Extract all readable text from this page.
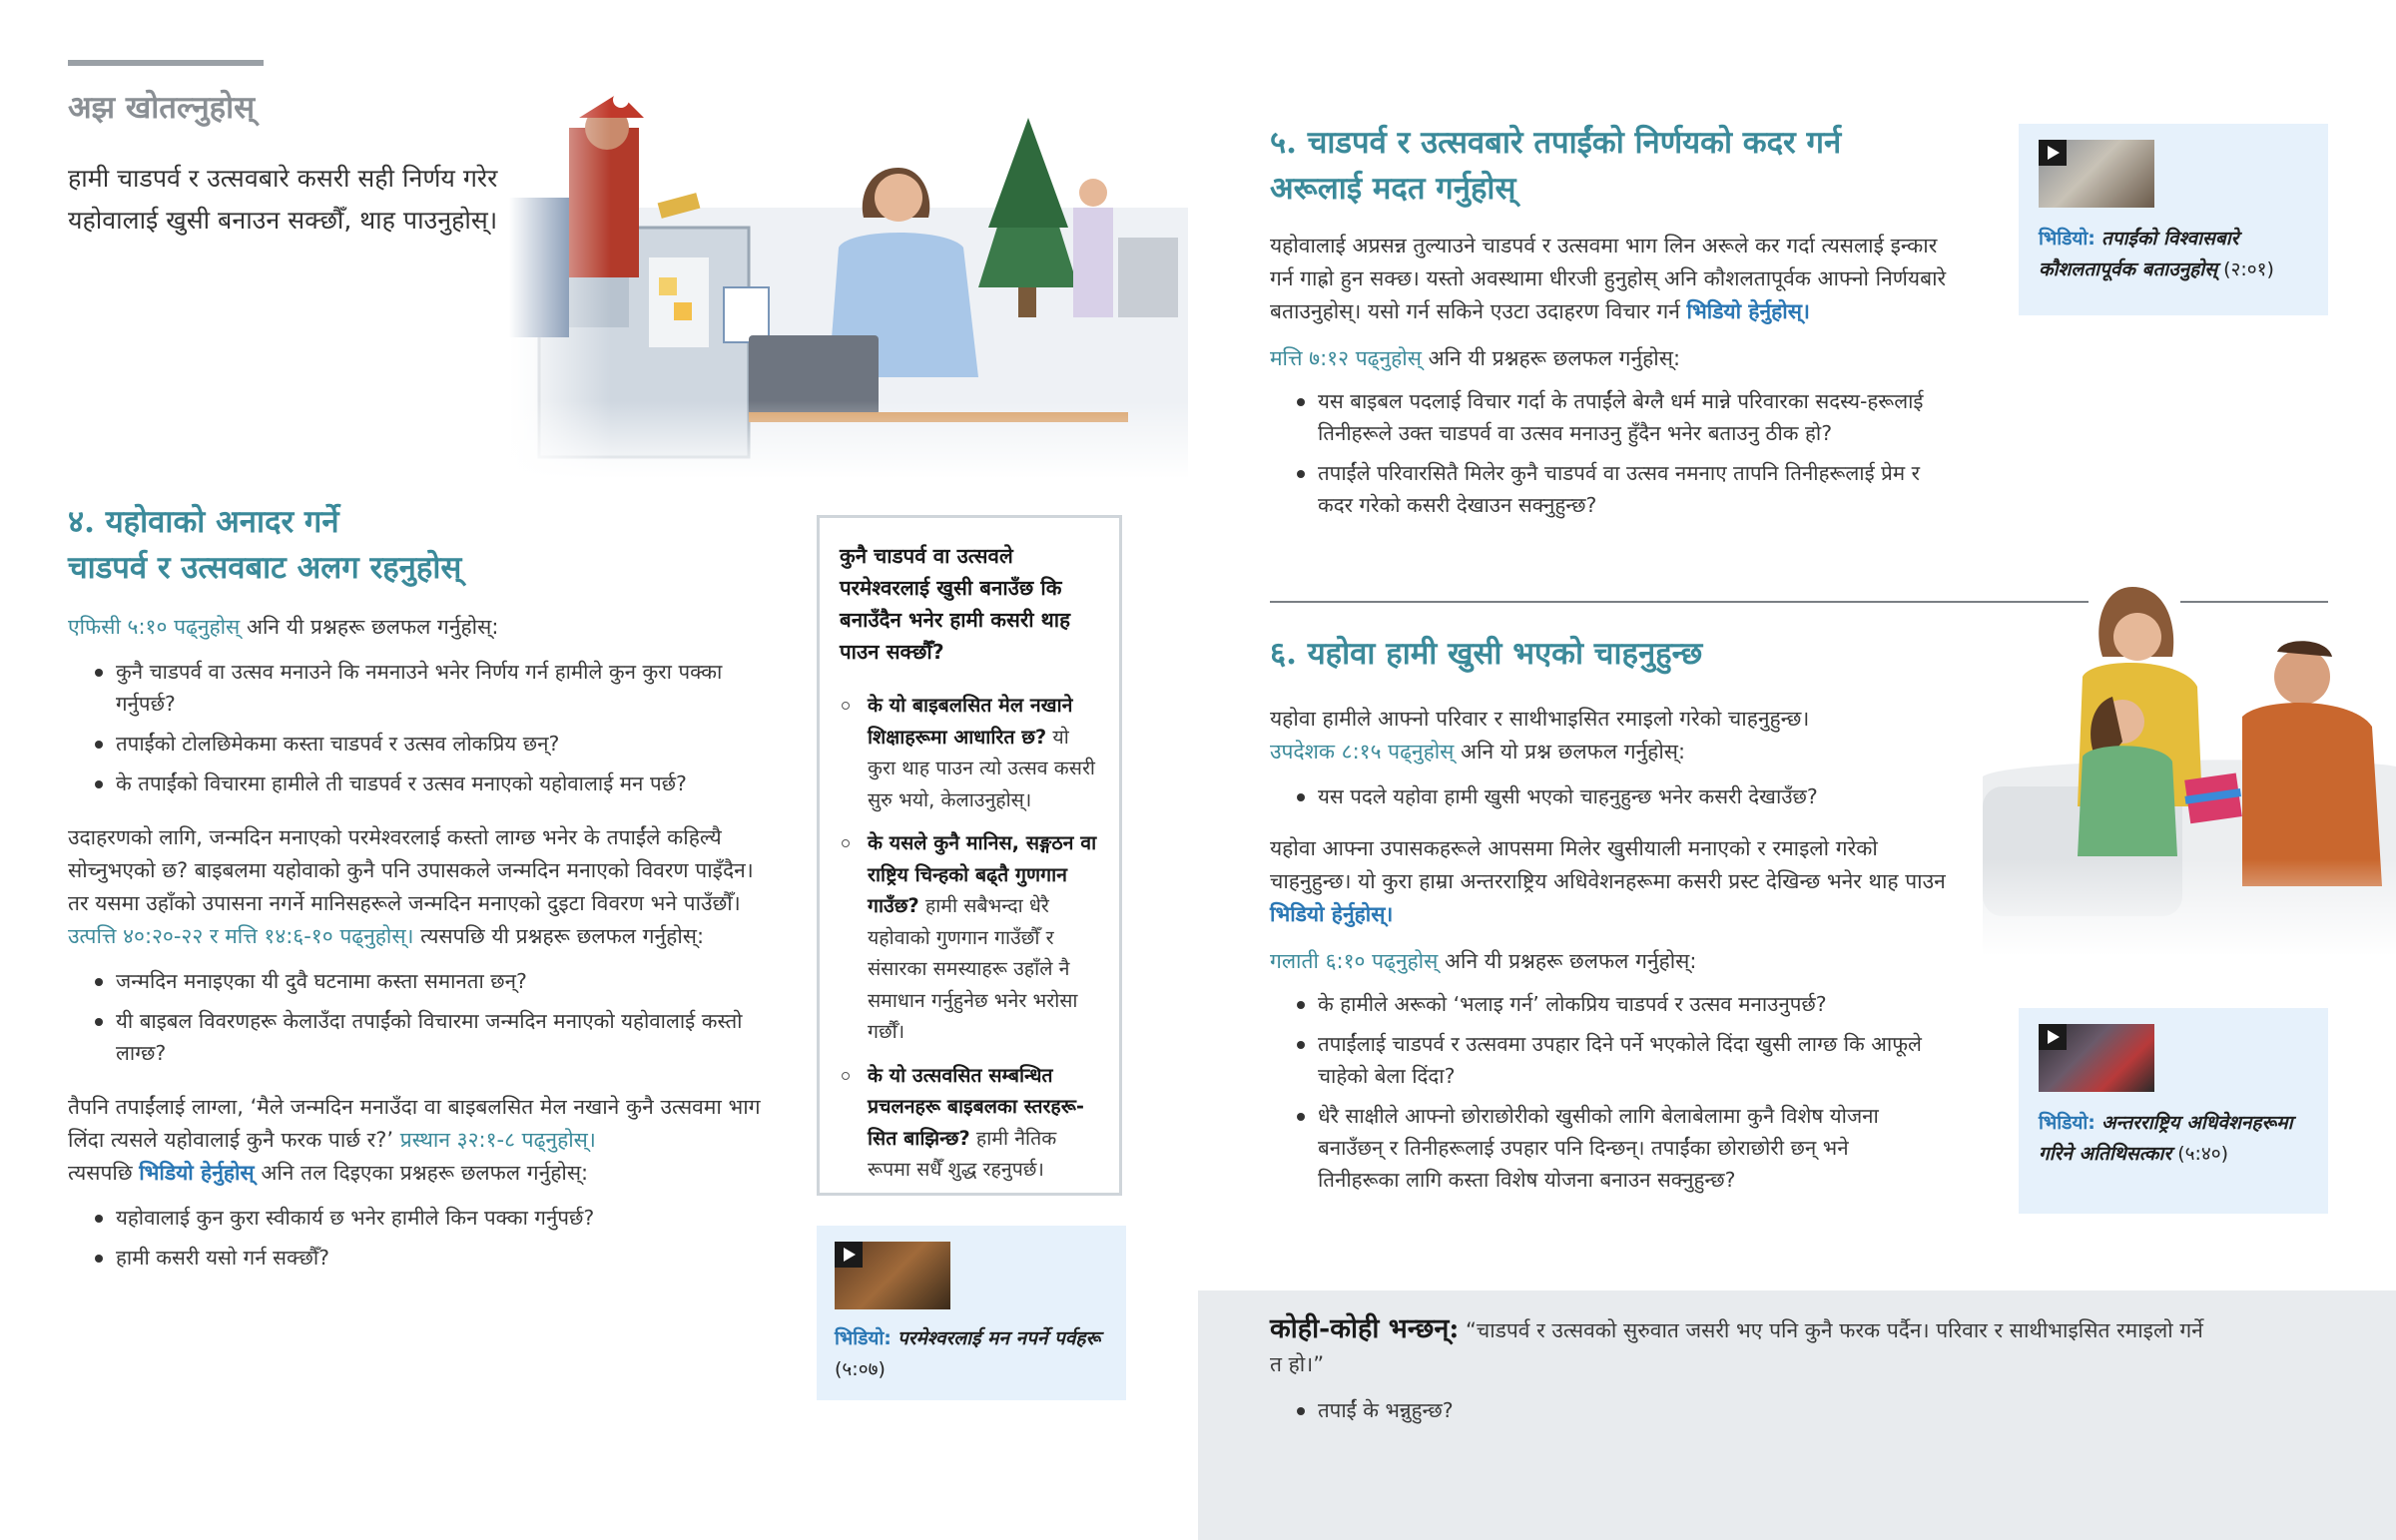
अझ खोतल्नुहोस्

हामी चाडपर्व र उत्सवबारे कसरी सही निर्णय गरेर यहोवालाई खुसी बनाउन सक्छौँ, थाह पाउनुहोस्।

४. यहोवाको अनादर गर्ने
चाडपर्व र उत्सवबाट अलग रहनुहोस्

एफिसी ५:१० पढ्नुहोस् अनि यी प्रश्नहरू छलफल गर्नुहोस्:

कुनै चाडपर्व वा उत्सव मनाउने कि नमनाउने भनेर निर्णय गर्न हामीले कुन कुरा पक्का गर्नुपर्छ?
तपाईंको टोलछिमेकमा कस्ता चाडपर्व र उत्सव लोकप्रिय छन्?
के तपाईंको विचारमा हामीले ती चाडपर्व र उत्सव मनाएको यहोवालाई मन पर्छ?

उदाहरणको लागि, जन्मदिन मनाएको परमेश्वरलाई कस्तो लाग्छ भनेर के तपाईंले कहिल्यै सोच्नुभएको छ? बाइबलमा यहोवाको कुनै पनि उपासकले जन्मदिन मनाएको विवरण पाइँदैन। तर यसमा उहाँको उपासना नगर्ने मानिसहरूले जन्मदिन मनाएको दुइटा विवरण भने पाउँछौँ।उत्पत्ति ४०:२०-२२ र मत्ति १४:६-१० पढ्नुहोस्। त्यसपछि यी प्रश्नहरू छलफल गर्नुहोस्:

जन्मदिन मनाइएका यी दुवै घटनामा कस्ता समानता छन्?
यी बाइबल विवरणहरू केलाउँदा तपाईंको विचारमा जन्मदिन मनाएको यहोवालाई कस्तो लाग्छ?

तैपनि तपाईंलाई लाग्ला, ‘मैले जन्मदिन मनाउँदा वा बाइबलसित मेल नखाने कुनै उत्सवमा भाग लिंदा त्यसले यहोवालाई कुनै फरक पार्छ र?’ प्रस्थान ३२:१-८ पढ्नुहोस्।
त्यसपछि भिडियो हेर्नुहोस् अनि तल दिइएका प्रश्नहरू छलफल गर्नुहोस्:

यहोवालाई कुन कुरा स्वीकार्य छ भनेर हामीले किन पक्का गर्नुपर्छ?
हामी कसरी यसो गर्न सक्छौँ?

कुनै चाडपर्व वा उत्सवले परमेश्वरलाई खुसी बनाउँछ कि बनाउँदैन भनेर हामी कसरी थाह पाउन सक्छौँ?

के यो बाइबलसित मेल नखाने शिक्षाहरूमा आधारित छ? यो कुरा थाह पाउन त्यो उत्सव कसरी सुरु भयो, केलाउनुहोस्।
के यसले कुनै मानिस, सङ्गठन वा राष्ट्रिय चिन्हको बढ्तै गुणगान गाउँछ? हामी सबैभन्दा धेरै यहोवाको गुणगान गाउँछौँ र संसारका समस्याहरू उहाँले नै समाधान गर्नुहुनेछ भनेर भरोसा गर्छौँ।
के यो उत्सवसित सम्बन्धित प्रचलनहरू बाइबलका स्तरहरू-सित बाझिन्छ? हामी नैतिक रूपमा सधैँ शुद्ध रहनुपर्छ।
भिडियो: परमेश्वरलाई मन नपर्ने पर्वहरू (५:०७)
५. चाडपर्व र उत्सवबारे तपाईंको निर्णयको कदर गर्न
अरूलाई मदत गर्नुहोस्

यहोवालाई अप्रसन्न तुल्याउने चाडपर्व र उत्सवमा भाग लिन अरूले कर गर्दा त्यसलाई इन्कार गर्न गाह्रो हुन सक्छ। यस्तो अवस्थामा धीरजी हुनुहोस् अनि कौशलतापूर्वक आफ्नो निर्णयबारे बताउनुहोस्। यसो गर्न सकिने एउटा उदाहरण विचार गर्न भिडियो हेर्नुहोस्।

मत्ति ७:१२ पढ्नुहोस् अनि यी प्रश्नहरू छलफल गर्नुहोस्:

यस बाइबल पदलाई विचार गर्दा के तपाईंले बेग्लै धर्म मान्ने परिवारका सदस्य-हरूलाई तिनीहरूले उक्त चाडपर्व वा उत्सव मनाउनु हुँदैन भनेर बताउनु ठीक हो?
तपाईंले परिवारसितै मिलेर कुनै चाडपर्व वा उत्सव नमनाए तापनि तिनीहरूलाई प्रेम र कदर गरेको कसरी देखाउन सक्नुहुन्छ?
भिडियो: तपाईंको विश्वासबारे कौशलतापूर्वक बताउनुहोस् (२:०१)
६. यहोवा हामी खुसी भएको चाहनुहुन्छ

यहोवा हामीले आफ्नो परिवार र साथीभाइसित रमाइलो गरेको चाहनुहुन्छ।
उपदेशक ८:१५ पढ्नुहोस् अनि यो प्रश्न छलफल गर्नुहोस्:

यस पदले यहोवा हामी खुसी भएको चाहनुहुन्छ भनेर कसरी देखाउँछ?

यहोवा आफ्ना उपासकहरूले आपसमा मिलेर खुसीयाली मनाएको र रमाइलो गरेको चाहनुहुन्छ। यो कुरा हाम्रा अन्तरराष्ट्रिय अधिवेशनहरूमा कसरी प्रस्ट देखिन्छ भनेर थाह पाउन भिडियो हेर्नुहोस्।

गलाती ६:१० पढ्नुहोस् अनि यी प्रश्नहरू छलफल गर्नुहोस्:

के हामीले अरूको ‘भलाइ गर्न’ लोकप्रिय चाडपर्व र उत्सव मनाउनुपर्छ?
तपाईंलाई चाडपर्व र उत्सवमा उपहार दिने पर्ने भएकोले दिंदा खुसी लाग्छ कि आफूले चाहेको बेला दिंदा?
धेरै साक्षीले आफ्नो छोराछोरीको खुसीको लागि बेलाबेलामा कुनै विशेष योजना बनाउँछन् र तिनीहरूलाई उपहार पनि दिन्छन्। तपाईंका छोराछोरी छन् भने तिनीहरूका लागि कस्ता विशेष योजना बनाउन सक्नुहुन्छ?
भिडियो: अन्तरराष्ट्रिय अधिवेशनहरूमा गरिने अतिथिसत्कार (५:४०)

कोही-कोही भन्छन्: “चाडपर्व र उत्सवको सुरुवात जसरी भए पनि कुनै फरक पर्दैन। परिवार र साथीभाइसित रमाइलो गर्ने त हो।”

तपाईं के भन्नुहुन्छ?
